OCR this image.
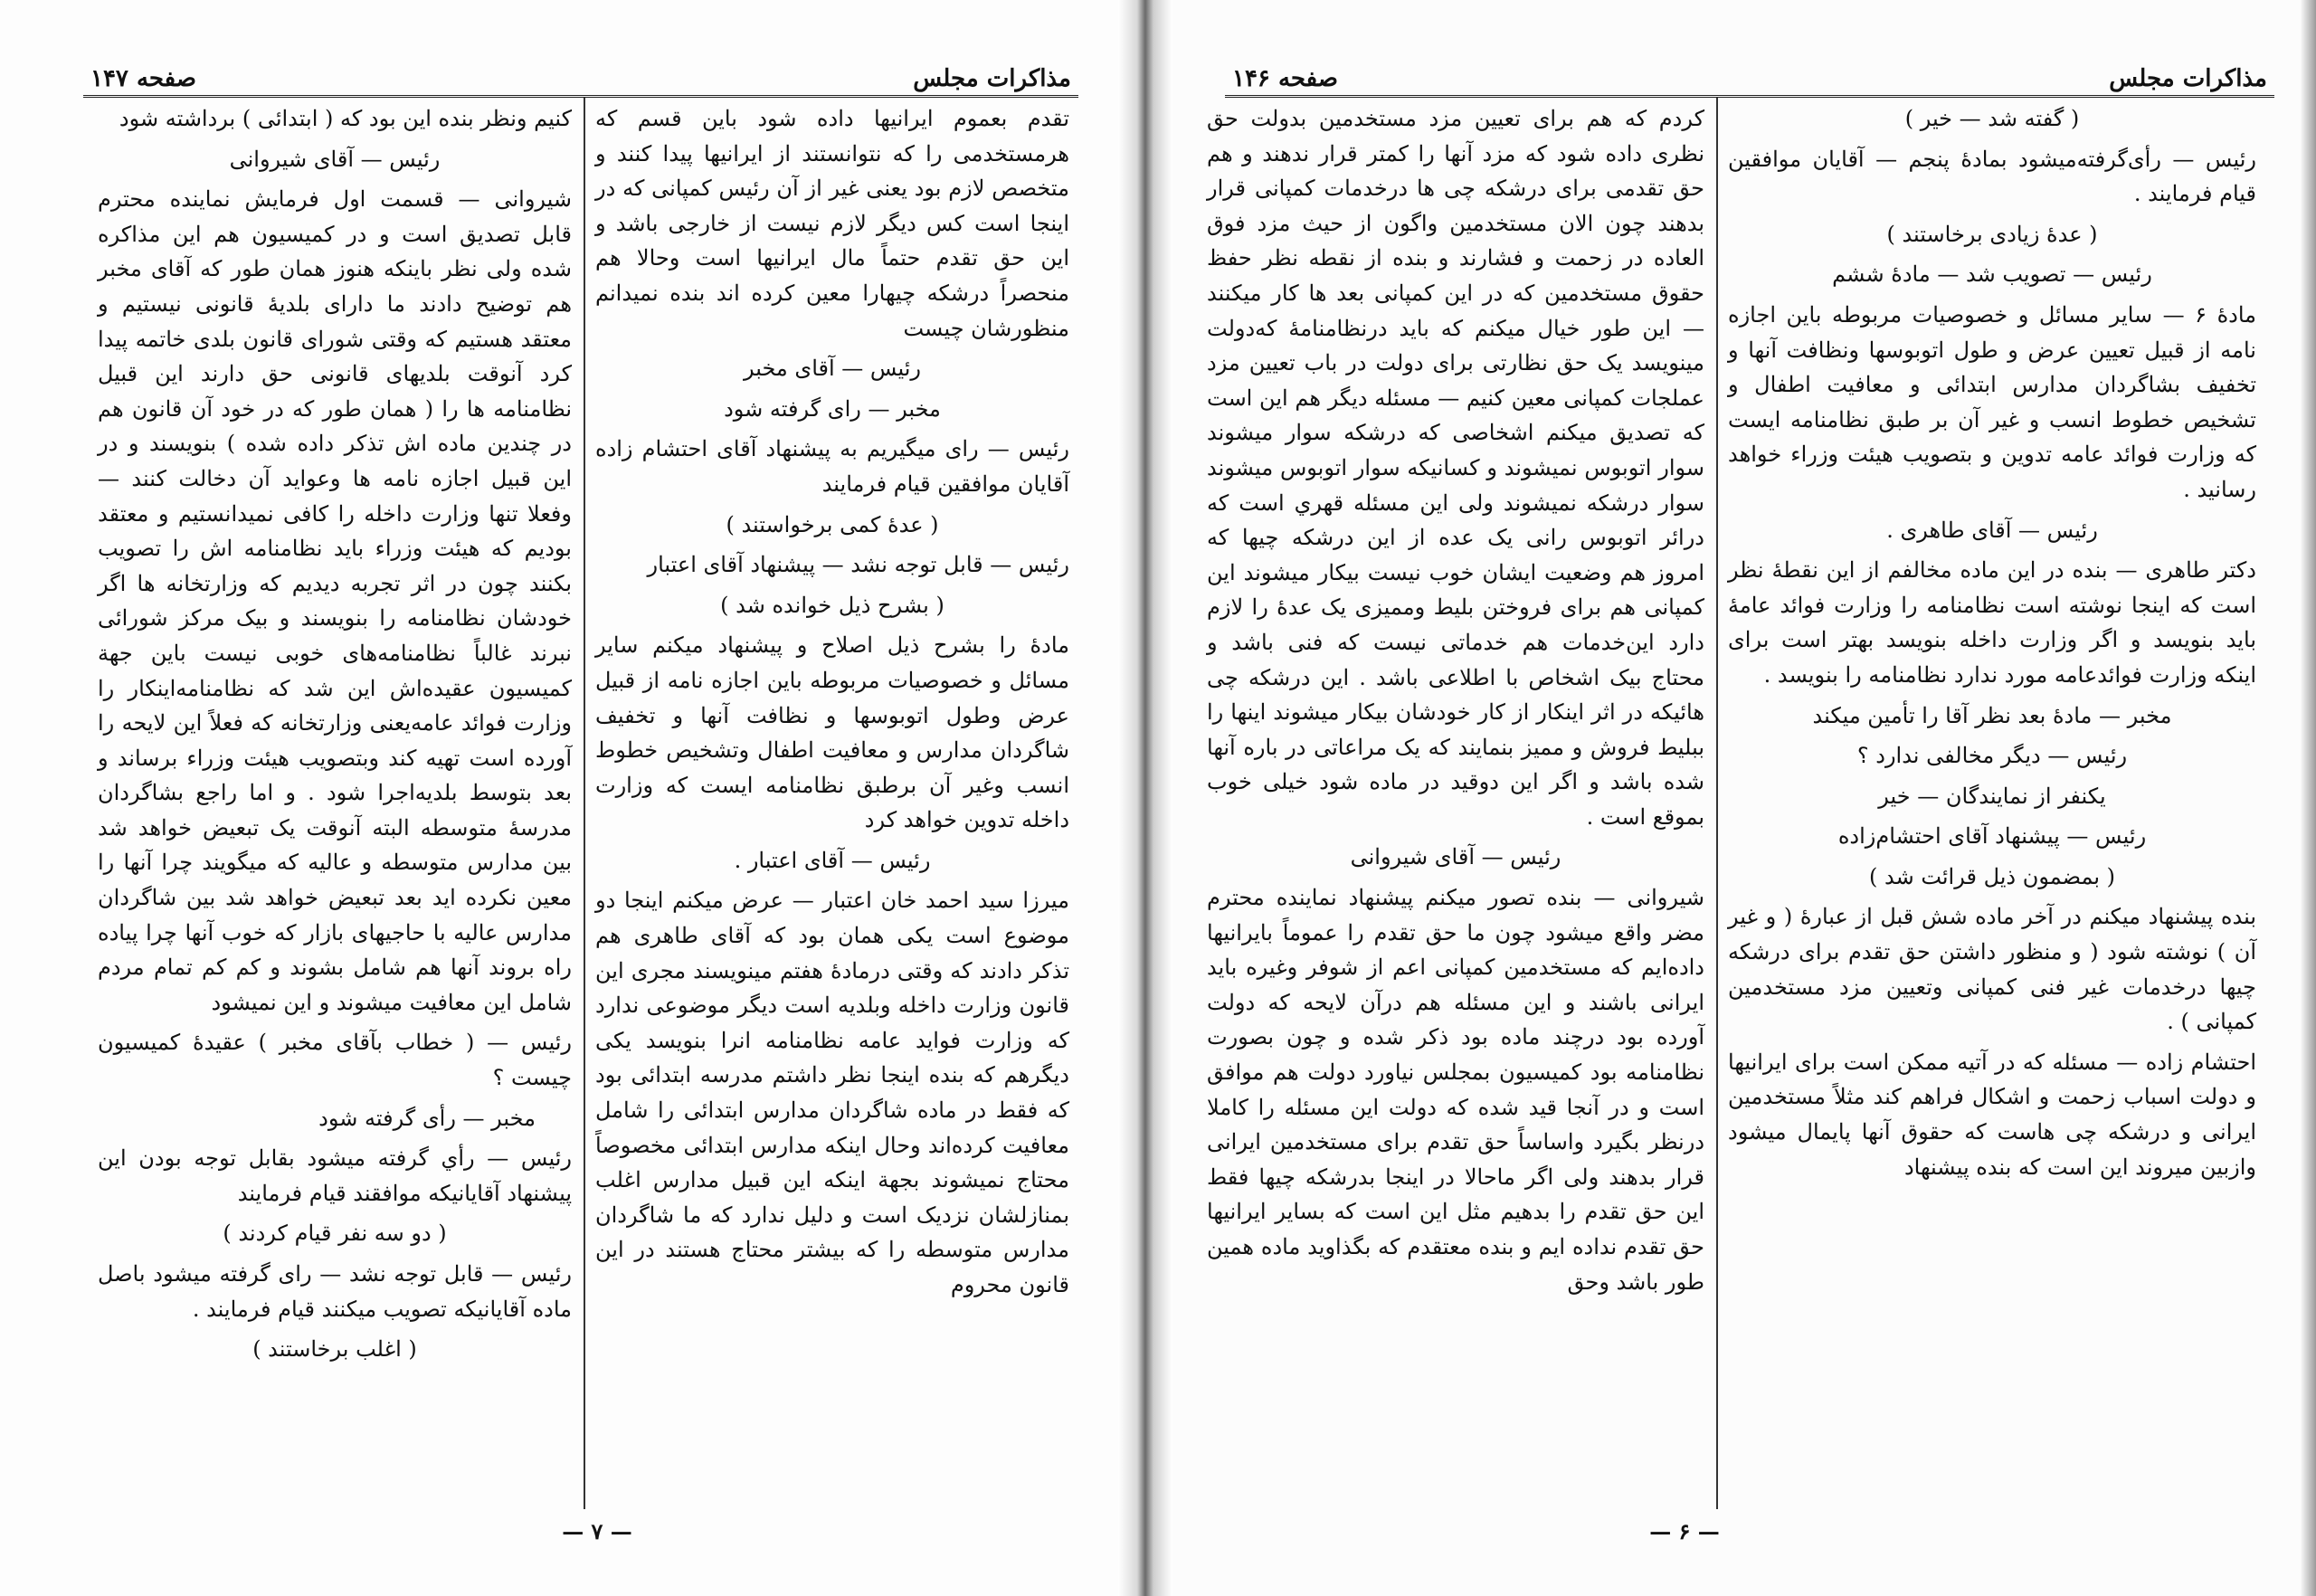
مذاکرات مجلس
صفحه ۱۴۷

تقدم بعموم ایرانیها داده شود باین قسم که هرمستخدمی را که نتوانستند از ایرانیها پیدا کنند و متخصص لازم بود یعنی غیر از آن رئیس کمپانی که در اینجا است کس دیگر لازم نیست از خارجی باشد و این حق تقدم حتماً مال ایرانیها است وحالا هم منحصراً درشکه چیهارا معین کرده اند بنده نمیدانم منظورشان چیست

رئیس — آقای مخبر

مخبر — رای گرفته شود

رئیس — رای میگیریم به پیشنهاد آقای احتشام زاده آقایان موافقین قیام فرمایند

( عدهٔ کمی برخواستند )

رئیس — قابل توجه نشد — پیشنهاد آقای اعتبار

( بشرح ذیل خوانده شد )

مادهٔ را بشرح ذیل اصلاح و پیشنهاد میکنم سایر مسائل و خصوصیات مربوطه باین اجازه نامه از قبیل عرض وطول اتوبوسها و نظافت آنها و تخفیف شاگردان مدارس و معافیت اطفال وتشخیص خطوط انسب وغیر آن برطبق نظامنامه ایست که وزارت داخله تدوین خواهد کرد

رئیس — آقای اعتبار .

میرزا سید احمد خان اعتبار — عرض میکنم اینجا دو موضوع است یکی همان بود که آقای طاهری هم تذکر دادند که وقتی درمادهٔ هفتم مینویسند مجری این قانون وزارت داخله وبلدیه است دیگر موضوعی ندارد که وزارت فواید عامه نظامنامه انرا بنویسد یکی دیگرهم که بنده اینجا نظر داشتم مدرسه ابتدائی بود که فقط در ماده شاگردان مدارس ابتدائی را شامل معافیت کرده‌اند وحال اینکه مدارس ابتدائی مخصوصاً محتاج نمیشوند بجهة اینکه این قبیل مدارس اغلب بمنازلشان نزدیک است و دلیل ندارد که ما شاگردان مدارس متوسطه را که بیشتر محتاج هستند در این قانون محروم

کنیم ونظر بنده این بود که ( ابتدائی ) برداشته شود

رئیس — آقای شیروانی

شیروانی — قسمت اول فرمایش نماینده محترم قابل تصدیق است و در کمیسیون هم این مذاکره شده ولی نظر باینکه هنوز همان طور که آقای مخبر هم توضیح دادند ما دارای بلدیهٔ قانونی نیستیم و معتقد هستیم که وقتی شورای قانون بلدی خاتمه پیدا کرد آنوقت بلدیهای قانونی حق دارند این قبیل نظامنامه ها را ( همان طور که در خود آن قانون هم در چندین ماده اش تذکر داده شده ) بنویسند و در این قبیل اجازه نامه ها وعواید آن دخالت کنند — وفعلا تنها وزارت داخله را کافی نمیدانستیم و معتقد بودیم که هیئت وزراء باید نظامنامه اش را تصویب بکنند چون در اثر تجربه دیدیم که وزارتخانه ها اگر خودشان نظامنامه را بنویسند و بیک مرکز شورائی نبرند غالباً نظامنامه‌های خوبی نیست باین جهة کمیسیون عقیده‌اش این شد که نظامنامه‌اینکار را وزارت فوائد عامه‌یعنی وزارتخانه که فعلاً این لایحه را آورده است تهیه کند وبتصویب هیئت وزراء برساند و بعد بتوسط بلدیه‌اجرا شود . و اما راجع بشاگردان مدرسهٔ متوسطه البته آنوقت یک تبعیض خواهد شد بین مدارس متوسطه و عالیه که میگویند چرا آنها را معین نکرده اید بعد تبعیض خواهد شد بین شاگردان مدارس عالیه با حاجیهای بازار که خوب آنها چرا پیاده راه بروند آنها هم شامل بشوند و کم کم تمام مردم شامل این معافیت میشوند و این نمیشود

رئیس — ( خطاب بآقای مخبر ) عقیدهٔ کمیسیون چیست ؟

مخبر — رأی گرفته شود

رئیس — رأي گرفته میشود بقابل توجه بودن این پیشنهاد آقایانیکه موافقند قیام فرمایند

( دو سه نفر قیام کردند )

رئیس — قابل توجه نشد — رای گرفته میشود باصل ماده آقایانیکه تصویب میکنند قیام فرمایند .

( اغلب برخاستند )

— ۷ —
مذاکرات مجلس
صفحه ۱۴۶

( گفته شد — خیر )

رئیس — رأی‌گرفته‌میشود بمادهٔ پنجم — آقایان موافقین قیام فرمایند .

( عدهٔ زیادی برخاستند )

رئیس — تصویب شد — مادهٔ ششم

مادهٔ ۶ — سایر مسائل و خصوصیات مربوطه باین اجازه نامه از قبیل تعیین عرض و طول اتوبوسها ونظافت آنها و تخفیف بشاگردان مدارس ابتدائی و معافیت اطفال و تشخیص خطوط انسب و غیر آن بر طبق نظامنامه ایست که وزارت فوائد عامه تدوین و بتصویب هیئت وزراء خواهد رسانید .

رئیس — آقای طاهری .

دکتر طاهری — بنده در این ماده مخالفم از این نقطهٔ نظر است که اینجا نوشته است نظامنامه را وزارت فوائد عامهٔ باید بنویسد و اگر وزارت داخله بنویسد بهتر است برای اینکه وزارت فوائدعامه مورد ندارد نظامنامه را بنویسد .

مخبر — مادهٔ بعد نظر آقا را تأمین میکند

رئیس — دیگر مخالفی ندارد ؟

یکنفر از نمایندگان — خیر

رئیس — پیشنهاد آقای احتشام‌زاده

( بمضمون ذیل قرائت شد )

بنده پیشنهاد میکنم در آخر ماده شش قبل از عبارهٔ ( و غیر آن ) نوشته شود ( و منظور داشتن حق تقدم برای درشکه چیها درخدمات غیر فنی کمپانی وتعیین مزد مستخدمین کمپانی ) .

احتشام زاده — مسئله که در آتیه ممکن است برای ایرانیها و دولت اسباب زحمت و اشکال فراهم کند مثلاً مستخدمین ایرانی و درشکه چی هاست که حقوق آنها پایمال میشود وازبین میروند این است که بنده پیشنهاد

کردم که هم برای تعیین مزد مستخدمین بدولت حق نظری داده شود که مزد آنها را کمتر قرار ندهند و هم حق تقدمی برای درشکه چی ها درخدمات کمپانی قرار بدهند چون الان مستخدمین واگون از حیث مزد فوق العاده در زحمت و فشارند و بنده از نقطه نظر حفظ حقوق مستخدمین که در این کمپانی بعد ها کار میکنند — این طور خیال میکنم که باید درنظامنامهٔ که‌دولت مینویسد یک حق نظارتی برای دولت در باب تعیین مزد عملجات کمپانی معین کنیم — مسئله دیگر هم این است که تصدیق میکنم اشخاصی که درشکه سوار میشوند سوار اتوبوس نمیشوند و کسانیکه سوار اتوبوس میشوند سوار درشکه نمیشوند ولی این مسئله قهري است که درائر اتوبوس رانی یک عده از این درشکه چیها که امروز هم وضعیت ایشان خوب نیست بیکار میشوند این کمپانی هم برای فروختن بلیط وممیزی یک عدهٔ را لازم دارد این‌خدمات هم خدماتی نیست که فنی باشد و محتاج بیک اشخاص با اطلاعی باشد . این درشکه چی هائیکه در اثر اینکار از کار خودشان بیکار میشوند اینها را ببلیط فروش و ممیز بنمایند که یک مراعاتی در باره آنها شده باشد و اگر این دوقید در ماده شود خیلی خوب بموقع است .

رئیس — آقای شیروانی

شیروانی — بنده تصور میکنم پیشنهاد نماینده محترم مضر واقع میشود چون ما حق تقدم را عموماً بایرانیها داده‌ایم که مستخدمین کمپانی اعم از شوفر وغیره باید ایرانی باشند و این مسئله هم درآن لایحه که دولت آورده بود درچند ماده بود ذکر شده و چون بصورت نظامنامه بود کمیسیون بمجلس نیاورد دولت هم موافق است و در آنجا قید شده که دولت این مسئله را کاملا درنظر بگیرد واساساً حق تقدم برای مستخدمین ایرانی قرار بدهند ولی اگر ماحالا در اینجا بدرشکه چیها فقط این حق تقدم را بدهیم مثل این است که بسایر ایرانیها حق تقدم نداده ایم و بنده معتقدم که بگذاوید ماده همین طور باشد وحق

— ۶ —
